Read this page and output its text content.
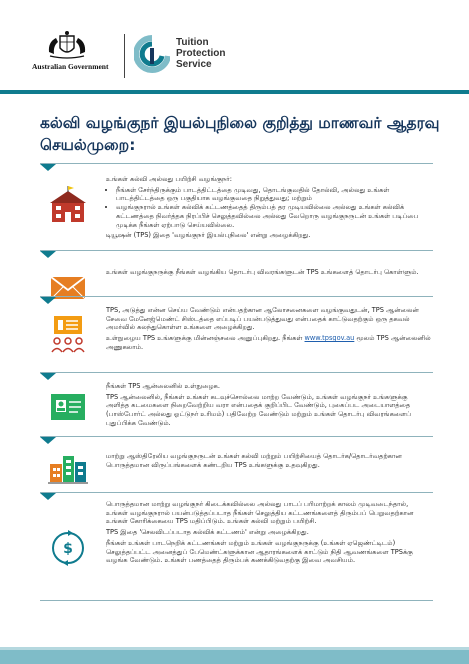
Australian Government
Tuition
Protection
Service
கல்வி வழங்குநர் இயல்புநிலை குறித்து மாணவர் ஆதரவு செயல்முறை:

உங்கள் கல்வி அல்லது பயிற்சி வழங்குநர்:

• நீங்கள் சேர்ந்திருக்கும் பாடத்திட்டத்தை முடிவது, தொடங்குவதில் தோல்வி, அல்லது உங்கள் பாடத்திட்டத்தை ஒரு பகுதியாக வழங்குவதை நிறுத்துவது; மற்றும்
• வழங்குநரால் உங்கள் கல்விக் கட்டணத்தைத் திரும்பத் தர முடியவில்லை அல்லது உங்கள் கல்விக் கட்டணத்தை நிவர்த்தக நிரப்பிச் செலுத்தவில்லை அல்லது வேறொரு வழங்குநருடன் உங்கள் படிப்பை முடிக்க நீங்கள் ஏற்பாடு செய்யவில்லை.

டியூஷன் (TPS) இதை 'வழங்குநர் இயல்புநிலை' என்று அழைக்கிறது.

உங்கள் வழங்குநருக்கு நீங்கள் வழங்கிய தொடர்பு விவரங்களுடன் TPS உங்களைத் தொடர்பு கொள்ளும்.

TPS, அடுத்து என்ன செய்ய வேண்டும் என்பதற்கான ஆலோசனைகளை வழங்குவதுடன், TPS ஆன்லைன் சேவை மேனேஜ்மெண்ட் சிஸ்டத்தை எப்படிப் பயன்படுத்துவது என்பதைக் காட்டுவதற்கும் ஒரு தகவல் அமர்வில் கலந்துகொள்ள உங்களை அழைக்கிறது.

உள்நுழைய TPS உங்களுக்கு மின்னஞ்சலை அனுப்புகிறது. நீங்கள் www.tpsgov.au மூலம் TPS ஆன்லைனில் அணுகலாம்.

நீங்கள் TPS ஆன்லைனில் உள்நுழைக.

TPS ஆன்லைனில், நீங்கள் உங்கள் கடவுச்சொல்லை மாற்ற வேண்டும், உங்கள் வழங்குநர் உங்களுக்கு அளித்த கடமைகளை நிறைவேற்றிய வரா என்பதைக் குறிப்பிட வேண்டும், புகைப்பட அடையாளத்தை (பாஸ்போர்ட் அல்லது ஓட்டுநர் உரிமம்) பதிவேற்ற வேண்டும் மற்றும் உங்கள் தொடர்பு விவரங்களைப் புதுப்பிக்க வேண்டும்.

மாற்று ஆஸ்திரேலிய வழங்குநருடன் உங்கள் கல்வி மற்றும் பயிற்சியைத் தொடர்க/தொடர்வதற்கான பொருத்தமான விருப்பங்களைக் கண்டறிய TPS உங்களுக்கு உதவுகிறது.

$

பொருத்தமான மாற்று வழங்குநர் கிடைக்கவில்லை அல்லது பாடப் பரிமாற்றக் காலம் முடிவடைந்தால், உங்கள் வழங்குநரால் பயன்படுத்தப்படாத நீங்கள் செலுத்திய கட்டணங்களைத் திரும்பப் பெறுவதற்கான உங்கள் கோரிக்கையை TPS மதிப்பிடும். உங்கள் கல்வி மற்றும் பயிற்சி.

TPS இதை 'செலவிடப்படாத கல்விக் கட்டணம்' என்று அழைக்கிறது.

நீங்கள் உங்கள் பாடநெறிக் கட்டணங்கள் மற்றும் உங்கள் வழங்குநருக்கு (உங்கள் ஏஜெண்ட்டிடம்) செலுத்தப்பட்ட அனைத்துப் பேமெண்ட்களுக்கான ஆதாரங்களைக் காட்டும் நிதி ஆவணங்களை TPSக்கு வழங்க வேண்டும். உங்கள் பணத்தைத் திரும்பக் கணக்கிடுவதற்கு இவை அவசியம்.
